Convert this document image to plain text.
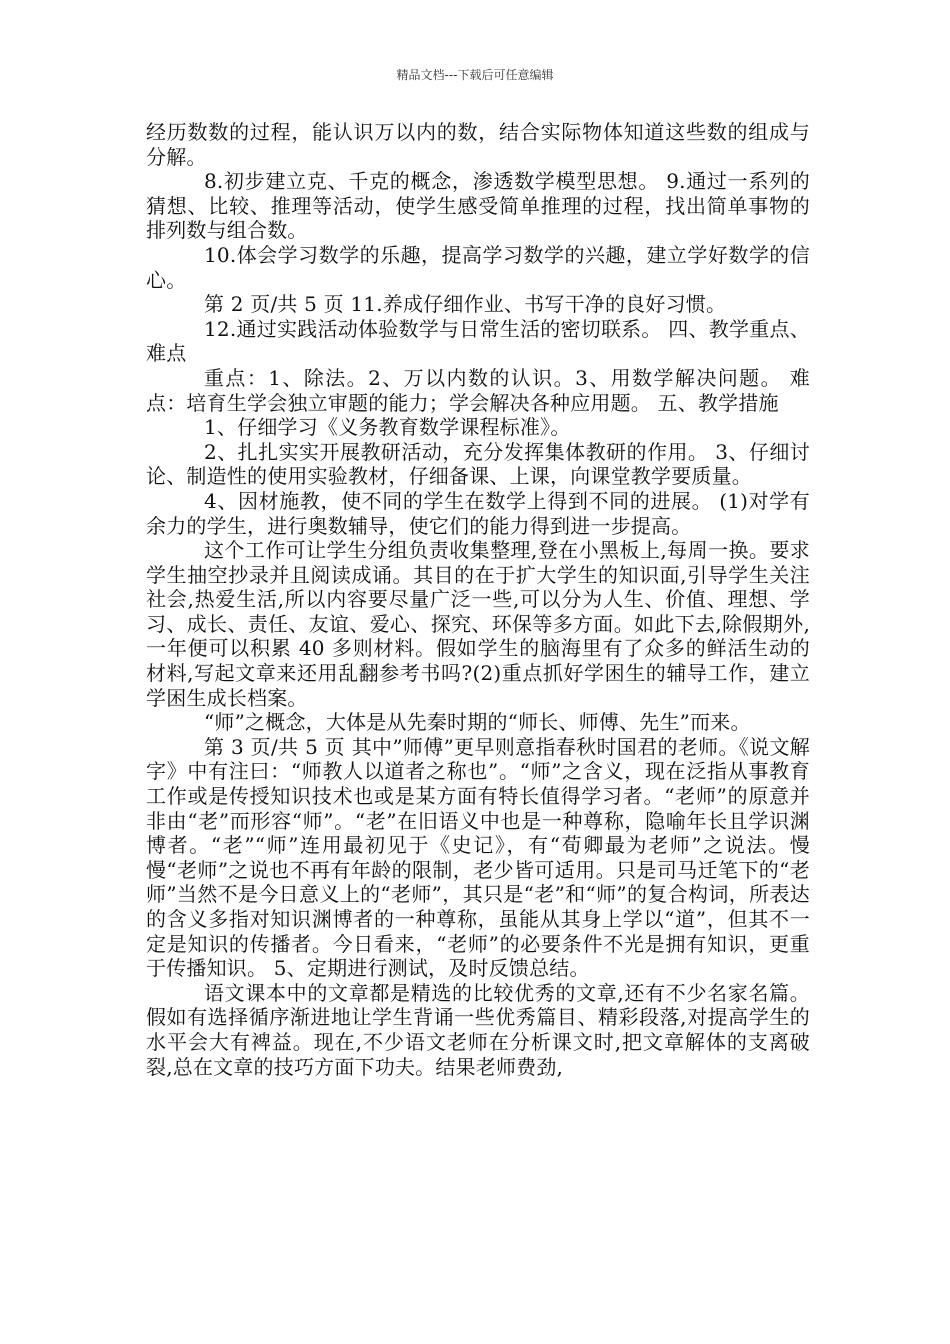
精品文档---下载后可任意编辑

经历数数的过程，能认识万以内的数，结合实际物体知道这些数的组成与分解。

8.初步建立克、千克的概念，渗透数学模型思想。 9.通过一系列的猜想、比较、推理等活动，使学生感受简单推理的过程，找出简单事物的排列数与组合数。

10.体会学习数学的乐趣，提高学习数学的兴趣，建立学好数学的信心。

第 2 页/共 5 页 11.养成仔细作业、书写干净的良好习惯。

12.通过实践活动体验数学与日常生活的密切联系。 四、教学重点、难点

重点：1、除法。2、万以内数的认识。3、用数学解决问题。 难点：培育生学会独立审题的能力；学会解决各种应用题。 五、教学措施

1、仔细学习《义务教育数学课程标准》。

2、扎扎实实开展教研活动，充分发挥集体教研的作用。 3、仔细讨论、制造性的使用实验教材，仔细备课、上课，向课堂教学要质量。

4、因材施教，使不同的学生在数学上得到不同的进展。 (1)对学有余力的学生，进行奥数辅导，使它们的能力得到进一步提高。

这个工作可让学生分组负责收集整理,登在小黑板上,每周一换。要求学生抽空抄录并且阅读成诵。其目的在于扩大学生的知识面,引导学生关注社会,热爱生活,所以内容要尽量广泛一些,可以分为人生、价值、理想、学习、成长、责任、友谊、爱心、探究、环保等多方面。如此下去,除假期外,一年便可以积累 40 多则材料。假如学生的脑海里有了众多的鲜活生动的材料,写起文章来还用乱翻参考书吗?(2)重点抓好学困生的辅导工作，建立学困生成长档案。

“师”之概念，大体是从先秦时期的“师长、师傅、先生”而来。

第 3 页/共 5 页 其中”师傅”更早则意指春秋时国君的老师。《说文解字》中有注曰：“师教人以道者之称也”。“师”之含义，现在泛指从事教育工作或是传授知识技术也或是某方面有特长值得学习者。“老师”的原意并非由“老”而形容“师”。“老”在旧语义中也是一种尊称，隐喻年长且学识渊博者。“老”“师”连用最初见于《史记》，有“荀卿最为老师”之说法。慢慢“老师”之说也不再有年龄的限制，老少皆可适用。只是司马迁笔下的“老师”当然不是今日意义上的“老师”，其只是“老”和“师”的复合构词，所表达的含义多指对知识渊博者的一种尊称，虽能从其身上学以“道”，但其不一定是知识的传播者。今日看来，“老师”的必要条件不光是拥有知识，更重于传播知识。 5、定期进行测试，及时反馈总结。

语文课本中的文章都是精选的比较优秀的文章,还有不少名家名篇。假如有选择循序渐进地让学生背诵一些优秀篇目、精彩段落,对提高学生的水平会大有裨益。现在,不少语文老师在分析课文时,把文章解体的支离破裂,总在文章的技巧方面下功夫。结果老师费劲,
